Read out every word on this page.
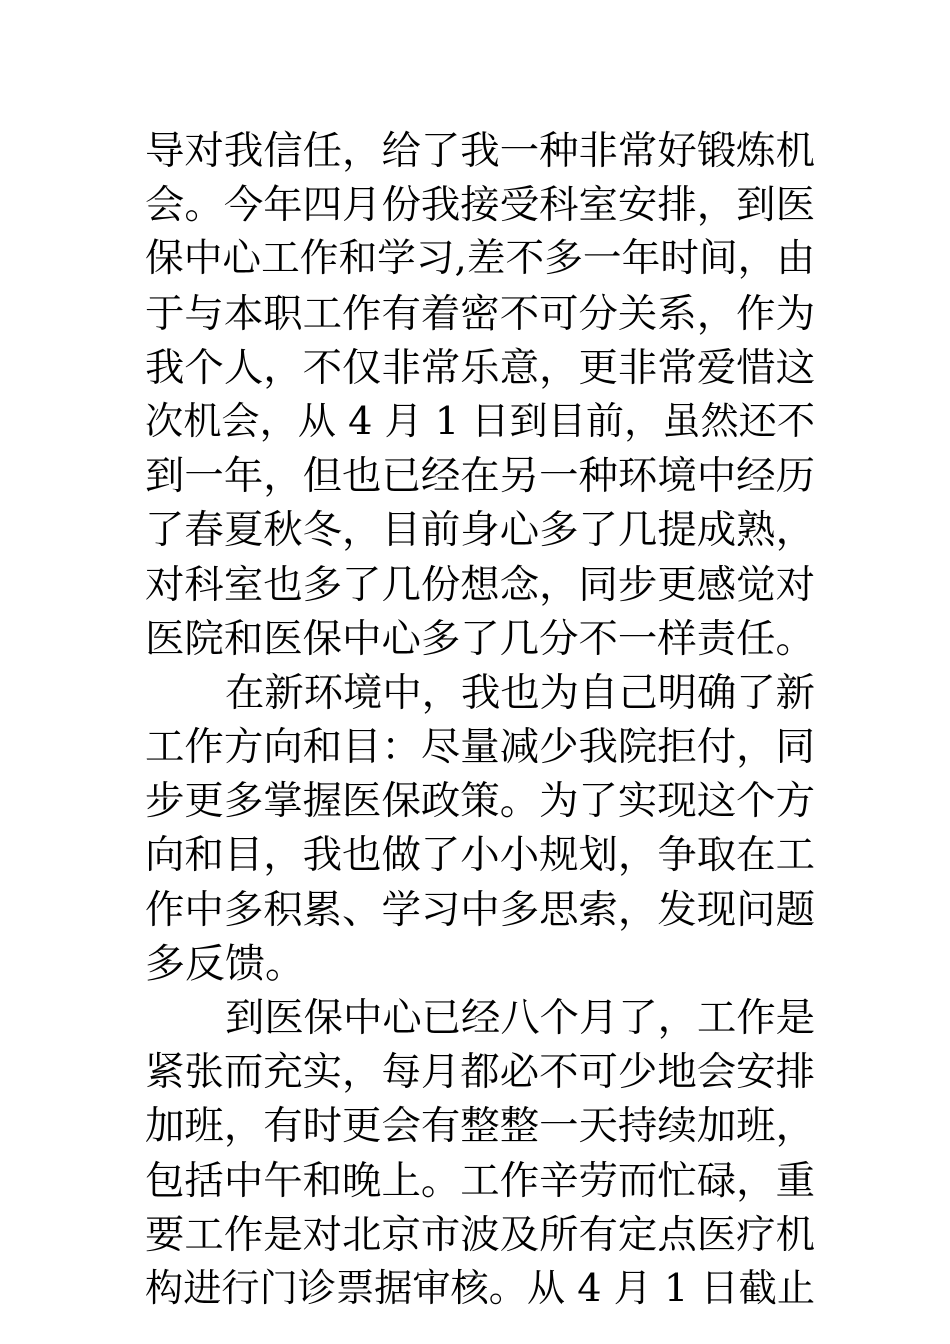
导对我信任，给了我一种非常好锻炼机
会。今年四月份我接受科室安排，到医
保中心工作和学习,差不多一年时间，由
于与本职工作有着密不可分关系，作为
我个人，不仅非常乐意，更非常爱惜这
次机会，从 4 月 1 日到目前，虽然还不
到一年，但也已经在另一种环境中经历
了春夏秋冬，目前身心多了几提成熟，
对科室也多了几份想念，同步更感觉对
医院和医保中心多了几分不一样责任。
在新环境中，我也为自己明确了新
工作方向和目：尽量减少我院拒付，同
步更多掌握医保政策。为了实现这个方
向和目，我也做了小小规划，争取在工
作中多积累、学习中多思索，发现问题
多反馈。
到医保中心已经八个月了，工作是
紧张而充实，每月都必不可少地会安排
加班，有时更会有整整一天持续加班，
包括中午和晚上。工作辛劳而忙碌，重
要工作是对北京市波及所有定点医疗机
构进行门诊票据审核。从 4 月 1 日截止
